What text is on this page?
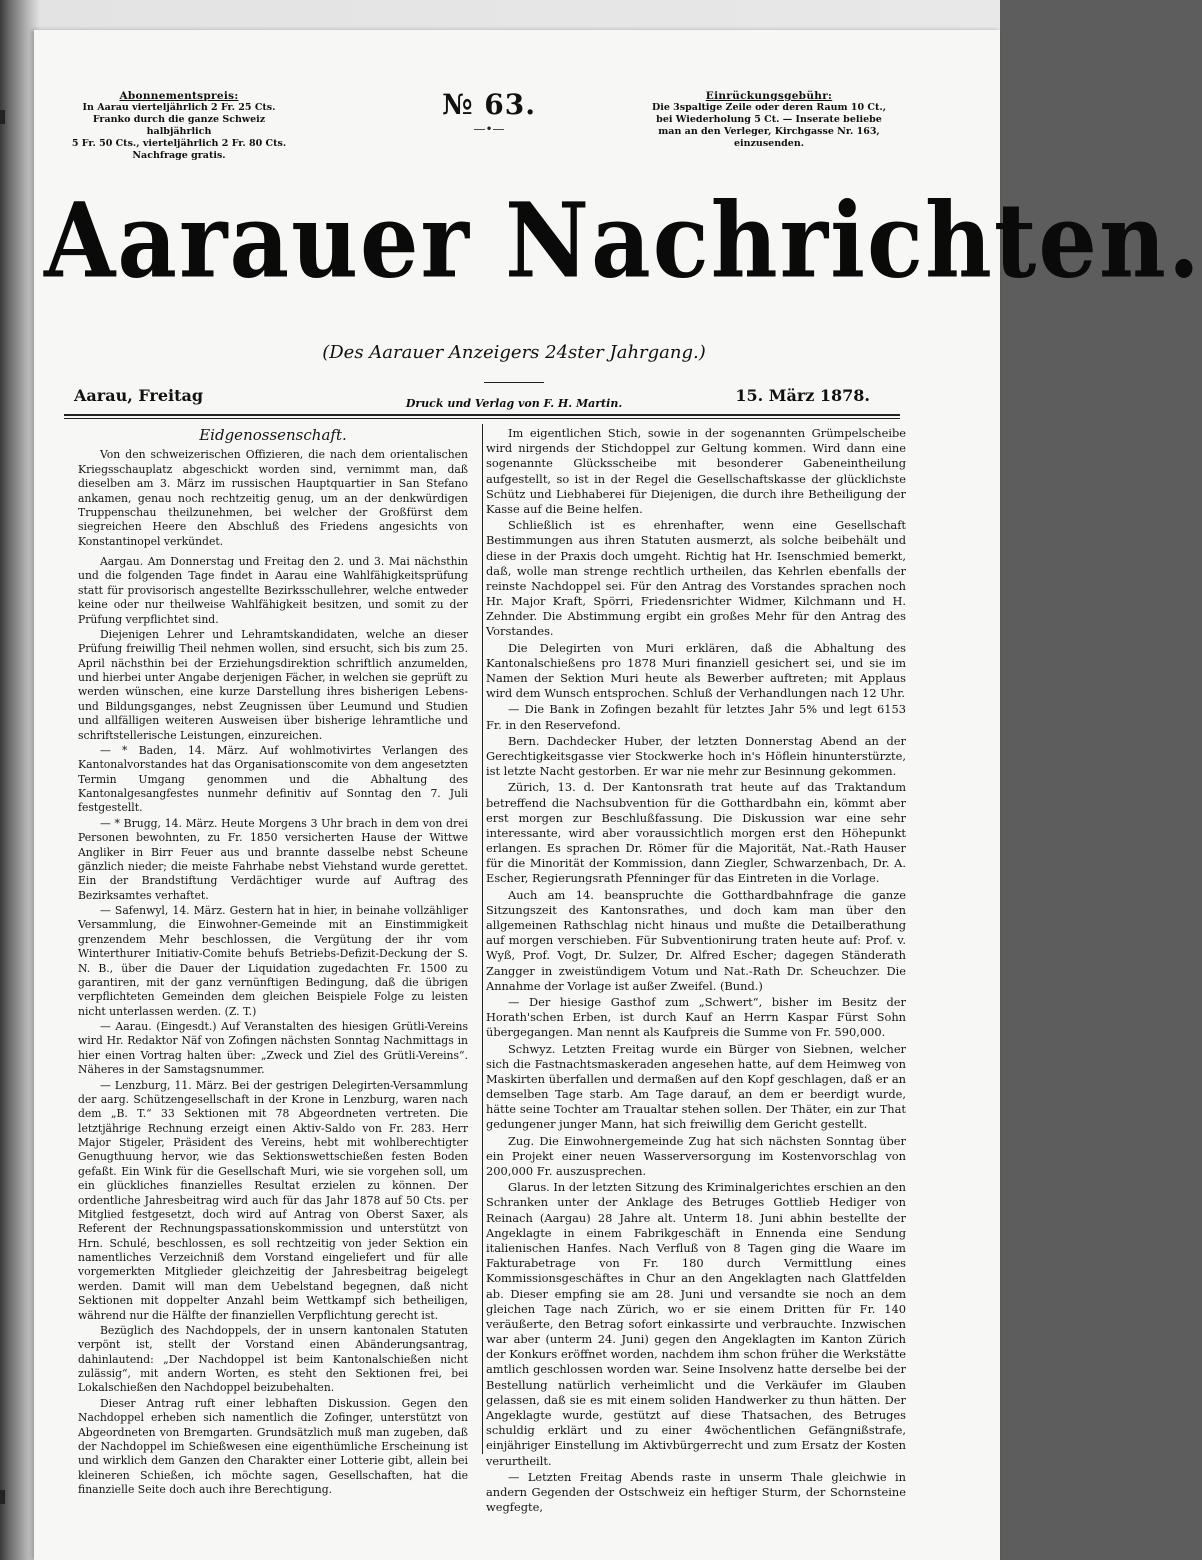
Abonnementspreis:
In Aarau vierteljährlich 2 Fr. 25 Cts.
Franko durch die ganze Schweiz halbjährlich
5 Fr. 50 Cts., vierteljährlich 2 Fr. 80 Cts.
Nachfrage gratis.
№ 63.
—•—
Einrückungsgebühr:
Die 3spaltige Zeile oder deren Raum 10 Ct.,
bei Wiederholung 5 Ct. — Inserate beliebe
man an den Verleger, Kirchgasse Nr. 163,
einzusenden.
Aarauer Nachrichten.
(Des Aarauer Anzeigers 24ster Jahrgang.)
Aarau, Freitag	Druck und Verlag von F. H. Martin.	15. März 1878.
Eidgenossenschaft.

Von den schweizerischen Offizieren, die nach dem orientalischen Kriegsschauplatz abgeschickt worden sind, vernimmt man, daß dieselben am 3. März im russischen Hauptquartier in San Stefano ankamen, genau noch rechtzeitig genug, um an der denkwürdigen Truppenschau theilzunehmen, bei welcher der Großfürst dem siegreichen Heere den Abschluß des Friedens angesichts von Konstantinopel verkündet.

Aargau. Am Donnerstag und Freitag den 2. und 3. Mai nächsthin und die folgenden Tage findet in Aarau eine Wahlfähigkeitsprüfung statt für provisorisch angestellte Bezirksschullehrer, welche entweder keine oder nur theilweise Wahlfähigkeit besitzen, und somit zu der Prüfung verpflichtet sind.

Diejenigen Lehrer und Lehramtskandidaten, welche an dieser Prüfung freiwillig Theil nehmen wollen, sind ersucht, sich bis zum 25. April nächsthin bei der Erziehungsdirektion schriftlich anzumelden, und hierbei unter Angabe derjenigen Fächer, in welchen sie geprüft zu werden wünschen, eine kurze Darstellung ihres bisherigen Lebens- und Bildungsganges, nebst Zeugnissen über Leumund und Studien und allfälligen weiteren Ausweisen über bisherige lehramtliche und schriftstellerische Leistungen, einzureichen.

— * Baden, 14. März. Auf wohlmotivirtes Verlangen des Kantonalvorstandes hat das Organisationscomite von dem angesetzten Termin Umgang genommen und die Abhaltung des Kantonalgesangfestes nunmehr definitiv auf Sonntag den 7. Juli festgestellt.

— * Brugg, 14. März. Heute Morgens 3 Uhr brach in dem von drei Personen bewohnten, zu Fr. 1850 versicherten Hause der Wittwe Angliker in Birr Feuer aus und brannte dasselbe nebst Scheune gänzlich nieder; die meiste Fahrhabe nebst Viehstand wurde gerettet. Ein der Brandstiftung Verdächtiger wurde auf Auftrag des Bezirksamtes verhaftet.

— Safenwyl, 14. März. Gestern hat in hier, in beinahe vollzähliger Versammlung, die Einwohner-Gemeinde mit an Einstimmigkeit grenzendem Mehr beschlossen, die Vergütung der ihr vom Winterthurer Initiativ-Comite behufs Betriebs-Defizit-Deckung der S. N. B., über die Dauer der Liquidation zugedachten Fr. 1500 zu garantiren, mit der ganz vernünftigen Bedingung, daß die übrigen verpflichteten Gemeinden dem gleichen Beispiele Folge zu leisten nicht unterlassen werden. (Z. T.)

— Aarau. (Eingesdt.) Auf Veranstalten des hiesigen Grütli-Vereins wird Hr. Redaktor Näf von Zofingen nächsten Sonntag Nachmittags in hier einen Vortrag halten über: „Zweck und Ziel des Grütli-Vereins“. Näheres in der Samstagsnummer.

— Lenzburg, 11. März. Bei der gestrigen Delegirten-Versammlung der aarg. Schützengesellschaft in der Krone in Lenzburg, waren nach dem „B. T.“ 33 Sektionen mit 78 Abgeordneten vertreten. Die letztjährige Rechnung erzeigt einen Aktiv-Saldo von Fr. 283. Herr Major Stigeler, Präsident des Vereins, hebt mit wohlberechtigter Genugthuung hervor, wie das Sektionswettschießen festen Boden gefaßt. Ein Wink für die Gesellschaft Muri, wie sie vorgehen soll, um ein glückliches finanzielles Resultat erzielen zu können. Der ordentliche Jahresbeitrag wird auch für das Jahr 1878 auf 50 Cts. per Mitglied festgesetzt, doch wird auf Antrag von Oberst Saxer, als Referent der Rechnungspassationskommission und unterstützt von Hrn. Schulé, beschlossen, es soll rechtzeitig von jeder Sektion ein namentliches Verzeichniß dem Vorstand eingeliefert und für alle vorgemerkten Mitglieder gleichzeitig der Jahresbeitrag beigelegt werden. Damit will man dem Uebelstand begegnen, daß nicht Sektionen mit doppelter Anzahl beim Wettkampf sich betheiligen, während nur die Hälfte der finanziellen Verpflichtung gerecht ist.

Bezüglich des Nachdoppels, der in unsern kantonalen Statuten verpönt ist, stellt der Vorstand einen Abänderungsantrag, dahinlautend: „Der Nachdoppel ist beim Kantonalschießen nicht zulässig“, mit andern Worten, es steht den Sektionen frei, bei Lokalschießen den Nachdoppel beizubehalten.

Dieser Antrag ruft einer lebhaften Diskussion. Gegen den Nachdoppel erheben sich namentlich die Zofinger, unterstützt von Abgeordneten von Bremgarten. Grundsätzlich muß man zugeben, daß der Nachdoppel im Schießwesen eine eigenthümliche Erscheinung ist und wirklich dem Ganzen den Charakter einer Lotterie gibt, allein bei kleineren Schießen, ich möchte sagen, Gesellschaften, hat die finanzielle Seite doch auch ihre Berechtigung.

Im eigentlichen Stich, sowie in der sogenannten Grümpelscheibe wird nirgends der Stichdoppel zur Geltung kommen. Wird dann eine sogenannte Glücksscheibe mit besonderer Gabeneintheilung aufgestellt, so ist in der Regel die Gesellschaftskasse der glücklichste Schütz und Liebhaberei für Diejenigen, die durch ihre Betheiligung der Kasse auf die Beine helfen.

Schließlich ist es ehrenhafter, wenn eine Gesellschaft Bestimmungen aus ihren Statuten ausmerzt, als solche beibehält und diese in der Praxis doch umgeht. Richtig hat Hr. Isenschmied bemerkt, daß, wolle man strenge rechtlich urtheilen, das Kehrlen ebenfalls der reinste Nachdoppel sei. Für den Antrag des Vorstandes sprachen noch Hr. Major Kraft, Spörri, Friedensrichter Widmer, Kilchmann und H. Zehnder. Die Abstimmung ergibt ein großes Mehr für den Antrag des Vorstandes.

Die Delegirten von Muri erklären, daß die Abhaltung des Kantonalschießens pro 1878 Muri finanziell gesichert sei, und sie im Namen der Sektion Muri heute als Bewerber auftreten; mit Applaus wird dem Wunsch entsprochen. Schluß der Verhandlungen nach 12 Uhr.

— Die Bank in Zofingen bezahlt für letztes Jahr 5% und legt 6153 Fr. in den Reservefond.

Bern. Dachdecker Huber, der letzten Donnerstag Abend an der Gerechtigkeitsgasse vier Stockwerke hoch in's Höflein hinunterstürzte, ist letzte Nacht gestorben. Er war nie mehr zur Besinnung gekommen.

Zürich, 13. d. Der Kantonsrath trat heute auf das Traktandum betreffend die Nachsubvention für die Gotthardbahn ein, kömmt aber erst morgen zur Beschlußfassung. Die Diskussion war eine sehr interessante, wird aber voraussichtlich morgen erst den Höhepunkt erlangen. Es sprachen Dr. Römer für die Majorität, Nat.-Rath Hauser für die Minorität der Kommission, dann Ziegler, Schwarzenbach, Dr. A. Escher, Regierungsrath Pfenninger für das Eintreten in die Vorlage.

Auch am 14. beanspruchte die Gotthardbahnfrage die ganze Sitzungszeit des Kantonsrathes, und doch kam man über den allgemeinen Rathschlag nicht hinaus und mußte die Detailberathung auf morgen verschieben. Für Subventionirung traten heute auf: Prof. v. Wyß, Prof. Vogt, Dr. Sulzer, Dr. Alfred Escher; dagegen Ständerath Zangger in zweistündigem Votum und Nat.-Rath Dr. Scheuchzer. Die Annahme der Vorlage ist außer Zweifel. (Bund.)

— Der hiesige Gasthof zum „Schwert“, bisher im Besitz der Horath'schen Erben, ist durch Kauf an Herrn Kaspar Fürst Sohn übergegangen. Man nennt als Kaufpreis die Summe von Fr. 590,000.

Schwyz. Letzten Freitag wurde ein Bürger von Siebnen, welcher sich die Fastnachtsmaskeraden angesehen hatte, auf dem Heimweg von Maskirten überfallen und dermaßen auf den Kopf geschlagen, daß er an demselben Tage starb. Am Tage darauf, an dem er beerdigt wurde, hätte seine Tochter am Traualtar stehen sollen. Der Thäter, ein zur That gedungener junger Mann, hat sich freiwillig dem Gericht gestellt.

Zug. Die Einwohnergemeinde Zug hat sich nächsten Sonntag über ein Projekt einer neuen Wasserversorgung im Kostenvorschlag von 200,000 Fr. auszusprechen.

Glarus. In der letzten Sitzung des Kriminalgerichtes erschien an den Schranken unter der Anklage des Betruges Gottlieb Hediger von Reinach (Aargau) 28 Jahre alt. Unterm 18. Juni abhin bestellte der Angeklagte in einem Fabrikgeschäft in Ennenda eine Sendung italienischen Hanfes. Nach Verfluß von 8 Tagen ging die Waare im Fakturabetrage von Fr. 180 durch Vermittlung eines Kommissionsgeschäftes in Chur an den Angeklagten nach Glattfelden ab. Dieser empfing sie am 28. Juni und versandte sie noch an dem gleichen Tage nach Zürich, wo er sie einem Dritten für Fr. 140 veräußerte, den Betrag sofort einkassirte und verbrauchte. Inzwischen war aber (unterm 24. Juni) gegen den Angeklagten im Kanton Zürich der Konkurs eröffnet worden, nachdem ihm schon früher die Werkstätte amtlich geschlossen worden war. Seine Insolvenz hatte derselbe bei der Bestellung natürlich verheimlicht und die Verkäufer im Glauben gelassen, daß sie es mit einem soliden Handwerker zu thun hätten. Der Angeklagte wurde, gestützt auf diese Thatsachen, des Betruges schuldig erklärt und zu einer 4wöchentlichen Gefängnißstrafe, einjähriger Einstellung im Aktivbürgerrecht und zum Ersatz der Kosten verurtheilt.

— Letzten Freitag Abends raste in unserm Thale gleichwie in andern Gegenden der Ostschweiz ein heftiger Sturm, der Schornsteine wegfegte,
